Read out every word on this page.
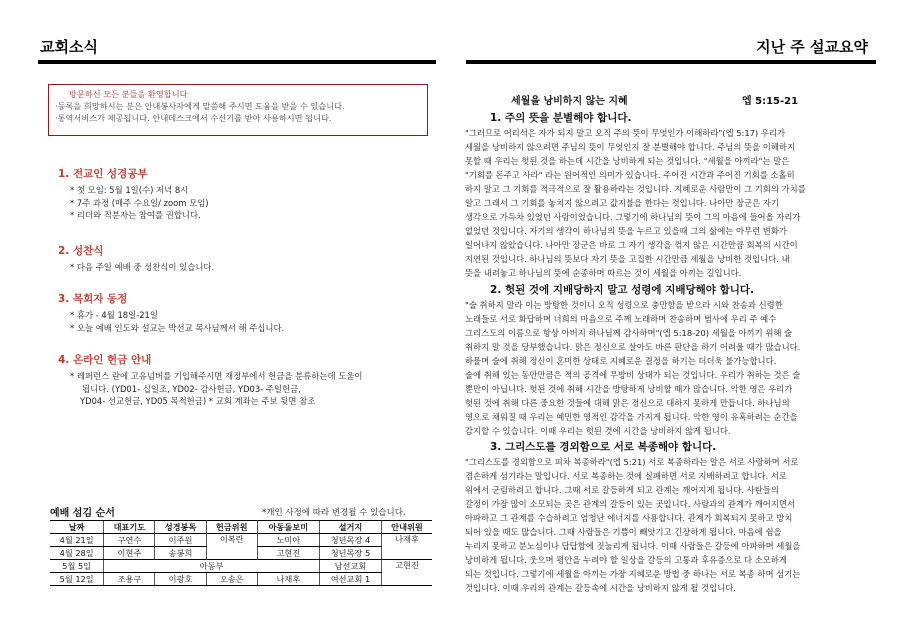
교회소식	지난 주 설교요약
방문하신 모든 분들을 환영합니다
·등록을 희망하시는 분은 안내봉사자에게 말씀해 주시면 도움을 받을 수 있습니다.
·통역서비스가 제공됩니다. 안내데스크에서 수신기를 받아 사용하시면 됩니다.
1. 전교인 성경공부
* 첫 모임: 5월 1일(수) 저녁 8시
* 7주 과정 (매주 수요일/ zoom 모임)
* 리더와 직분자는 참여를 권합니다.
2. 성찬식
* 다음 주일 예배 중 성찬식이 있습니다.
3. 목회자 동정
* 휴가 - 4월 18일-21일
* 오늘 예배 인도와 설교는 박선교 목사님께서 해 주십니다.
4. 온라인 헌금 안내
* 레퍼런스 란에 고유넘버를 기입해주시면 재정부에서 헌금을 분류하는데 도움이
됩니다. (YD01- 십일조, YD02- 감사헌금, YD03- 주일헌금,
YD04- 선교헌금, YD05 목적헌금) * 교회 계좌는 주보 뒷면 참조
예배 섬김 순서	*개인 사정에 따라 변경될 수 있습니다.
날짜	대표기도	성경봉독	헌금위원	아동돌보미	설거지	안내위원
4월 21일	구연수	이주원	이복란	노미아	청년목장 4	나재후
4월 28일	이현주	송봉희		고현진	청년목장 5	
5월 5일	아동부				남선교회	고현진
5월 12일	조용구	이광호	오송은	나재후	여선교회 1	
세월을 낭비하지 않는 지혜	엡 5:15-21
1. 주의 뜻을 분별해야 합니다.
"그러므로 어리석은 자가 되지 말고 오직 주의 뜻이 무엇인가 이해하라"(엡 5:17) 우리가
세월을 낭비하지 않으려면 주님의 뜻이 무엇인지 잘 분별해야 합니다. 주님의 뜻을 이해하지
못할 때 우리는 헛된 것을 하는데 시간을 낭비하게 되는 것입니다. "세월을 아끼라"는 말은
"기회를 돈주고 사라" 라는 원어적인 의미가 있습니다. 주어진 시간과 주어진 기회를 소홀히
하지 말고 그 기회를 적극적으로 잘 활용하라는 것입니다. 지혜로운 사람만이 그 기회의 가치를
알고 그래서 그 기회를 놓치지 않으려고 값지불을 한다는 것입니다. 나아만 장군은 자기
생각으로 가득차 있었던 사람이었습니다. 그렇기에 하나님의 뜻이 그의 마음에 들어올 자리가
없었던 것입니다. 자기의 생각이 하나님의 뜻을 누르고 있을때 그의 삶에는 아무런 변화가
일어나지 않았습니다. 나아만 장군은 바로 그 자기 생각을 꺾지 않은 시간만큼 회복의 시간이
지연된 것입니다. 하나님의 뜻보다 자기 뜻을 고집한 시간만큼 세월을 낭비한 것입니다. 내
뜻을 내려놓고 하나님의 뜻에 순종하며 따르는 것이 세월을 아끼는 길입니다.
2. 헛된 것에 지배당하지 말고 성령에 지배당해야 합니다.
"술 취하지 말라 이는 방탕한 것이니 오직 성령으로 충만함을 받으라 시와 찬송과 신령한
노래들로 서로 화답하며 너희의 마음으로 주께 노래하며 찬송하며 범사에 우리 주 예수
그리스도의 이름으로 항상 아버지 하나님께 감사하며"(엡 5:18-20) 세월을 아끼기 위해 술
취하지 말 것을 당부했습니다. 맑은 정신으로 살아도 바른 판단을 하기 어려울 때가 많습니다.
하물며 술에 취해 정신이 혼미한 상태로 지혜로운 결정을 하기는 더더욱 불가능합니다.
술에 취해 있는 동안만큼은 적의 공격에 무방비 상태가 되는 것입니다. 우리가 취하는 것은 술
뿐만이 아닙니다. 헛된 것에 취해 시간을 방탕하게 낭비할 때가 많습니다. 악한 영은 우리가
헛된 것에 취해 다른 중요한 것들에 대해 맑은 정신으로 대하지 못하게 만듭니다. 하나님의
영으로 채워질 때 우리는 예민한 영적인 감각을 가지게 됩니다. 악한 영이 유혹하려는 순간을
감지할 수 있습니다. 이때 우리는 헛된 것에 시간을 낭비하지 않게 됩니다.
3. 그리스도를 경외함으로 서로 복종해야 합니다.
"그리스도를 경외함으로 피차 복종하라"(엡 5:21) 서로 복종하라는 말은 서로 사랑하며 서로
겸손하게 섬기라는 말입니다. 서로 복종하는 것에 실패하면 서로 지배하려고 합니다. 서로
위에서 군림하려고 합니다. 그때 서로 갈등하게 되고 관계는 깨어지게 됩니다. 사탄들의
갈정이 가장 많이 소모되는 곳은 관계의 갈등이 있는 곳입니다. 사람과의 관계가 깨어지면서
아파하고 그 관계를 수습하려고 엄청난 에너지를 사용합니다. 관계가 회복되지 못하고 방치
되어 있을 때도 많습니다. 그때 사람들은 기쁨이 빼앗기고 긴장하게 됩니다. 마음에 쉼을
누리지 못하고 분노심이나 답답함에 짓눌리게 됩니다. 이때 사람들은 갈등에 아파하며 세월을
낭비하게 됩니다. 웃으며 평안을 누려야 할 일상을 갈등의 고통과 후유증으로 다 소모하게
되는 것입니다. 그렇기에 세월을 아끼는 가장 지혜로운 방법 중 하나는 서로 복종 하며 섬기는
것입니다. 이때 우리의 관계는 갈등속에 시간을 낭비하지 않게 될 것입니다.
